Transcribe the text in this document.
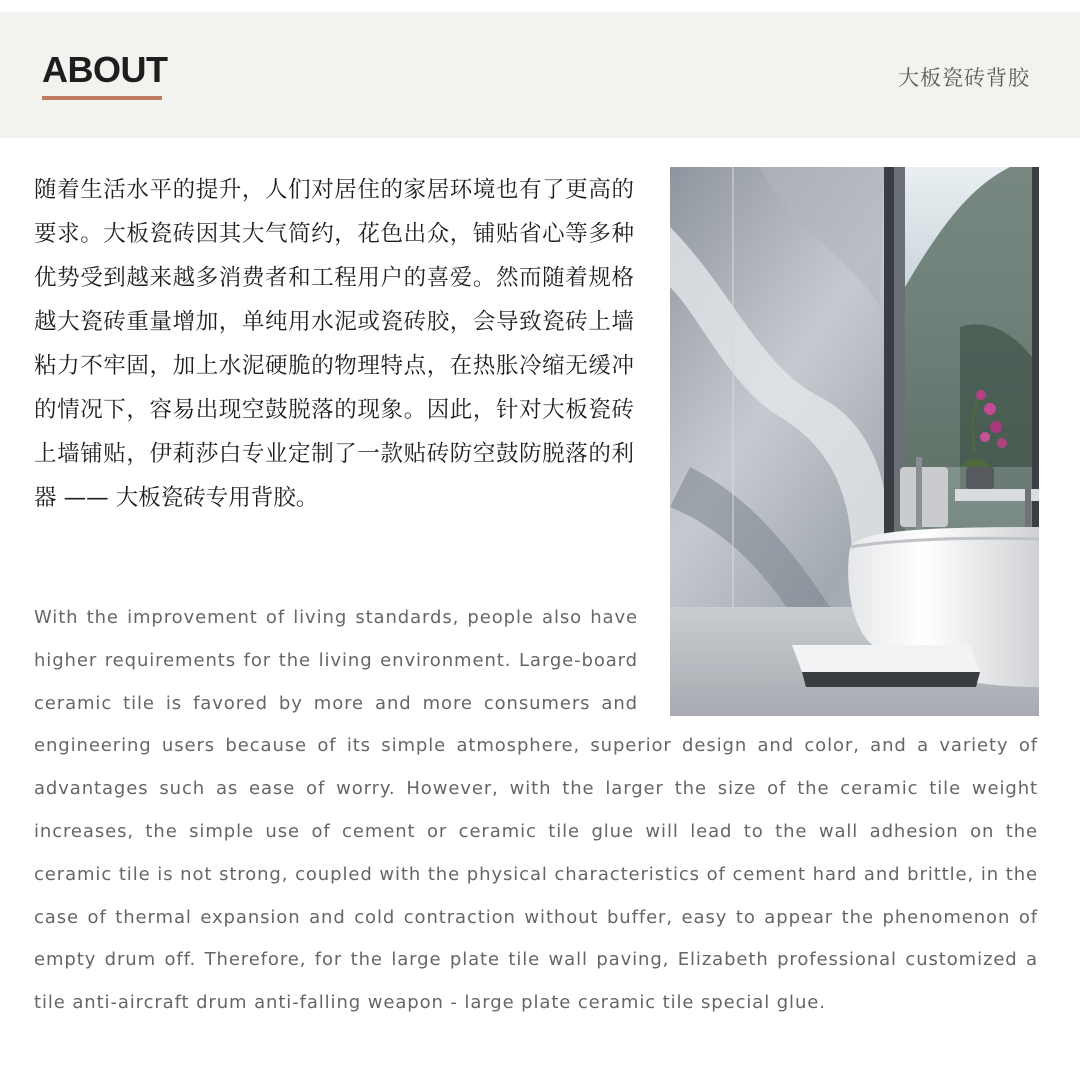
ABOUT	大板瓷砖背胶

随着生活水平的提升，人们对居住的家居环境也有了更高的要求。大板瓷砖因其大气简约，花色出众，铺贴省心等多种优势受到越来越多消费者和工程用户的喜爱。然而随着规格越大瓷砖重量增加，单纯用水泥或瓷砖胶，会导致瓷砖上墙粘力不牢固，加上水泥硬脆的物理特点，在热胀冷缩无缓冲的情况下，容易出现空鼓脱落的现象。因此，针对大板瓷砖上墙铺贴，伊莉莎白专业定制了一款贴砖防空鼓防脱落的利器 —— 大板瓷砖专用背胶。

With the improvement of living standards, people also have higher requirements for the living environment. Large-board ceramic tile is favored by more and more consumers and engineering users because of its simple atmosphere, superior design and color, and a variety of advantages such as ease of worry. However, with the larger the size of the ceramic tile weight increases, the simple use of cement or ceramic tile glue will lead to the wall adhesion on the ceramic tile is not strong, coupled with the physical characteristics of cement hard and brittle, in the case of thermal expansion and cold contraction without buffer, easy to appear the phenomenon of empty drum off. Therefore, for the large plate tile wall paving, Elizabeth professional customized a tile anti-aircraft drum anti-falling weapon - large plate ceramic tile special glue.
